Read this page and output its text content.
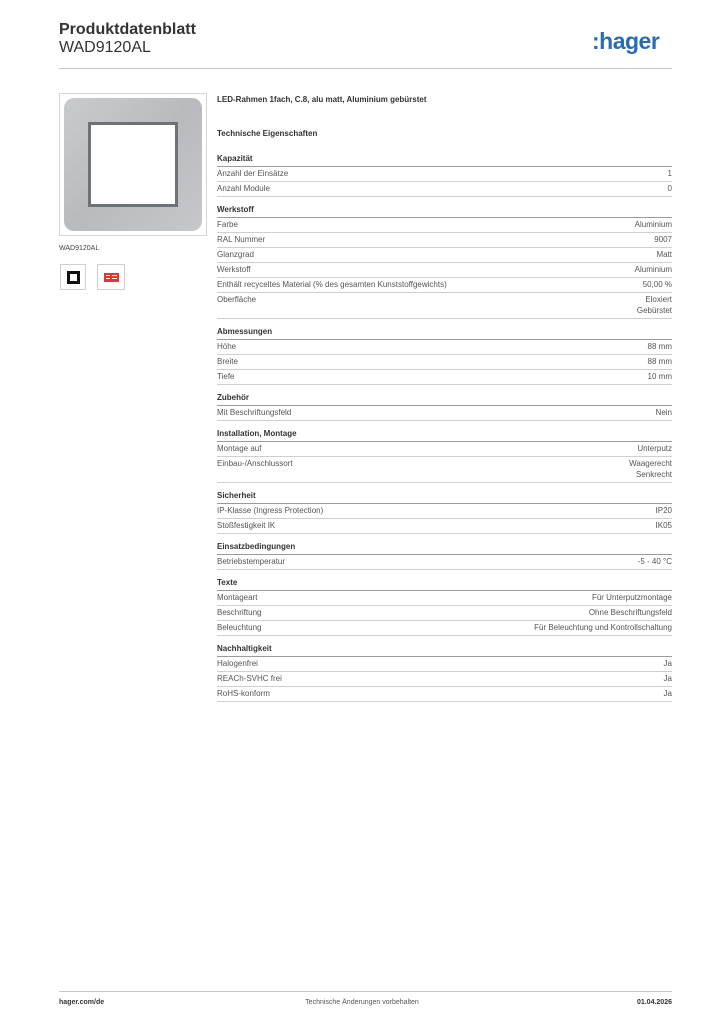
Produktdatenblatt
WAD9120AL	:hager
WAD9120AL
LED-Rahmen 1fach, C.8, alu matt, Aluminium gebürstet
Technische Eigenschaften
Kapazität
Anzahl der Einsätze	1
Anzahl Module	0
Werkstoff
Farbe	Aluminium
RAL Nummer	9007
Glanzgrad	Matt
Werkstoff	Aluminium
Enthält recyceltes Material (% des gesamten Kunststoffgewichts)	50,00 %
Oberfläche	Eloxiert
Gebürstet
Abmessungen
Höhe	88 mm
Breite	88 mm
Tiefe	10 mm
Zubehör
Mit Beschriftungsfeld	Nein
Installation, Montage
Montage auf	Unterputz
Einbau-/Anschlussort	Waagerecht
Senkrecht
Sicherheit
IP-Klasse (Ingress Protection)	IP20
Stoßfestigkeit IK	IK05
Einsatzbedingungen
Betriebstemperatur	-5 - 40 °C
Texte
Montageart	Für Unterputzmontage
Beschriftung	Ohne Beschriftungsfeld
Beleuchtung	Für Beleuchtung und Kontrollschaltung
Nachhaltigkeit
Halogenfrei	Ja
REACh-SVHC frei	Ja
RoHS-konform	Ja
hager.com/de	Technische Änderungen vorbehalten	01.04.2026
